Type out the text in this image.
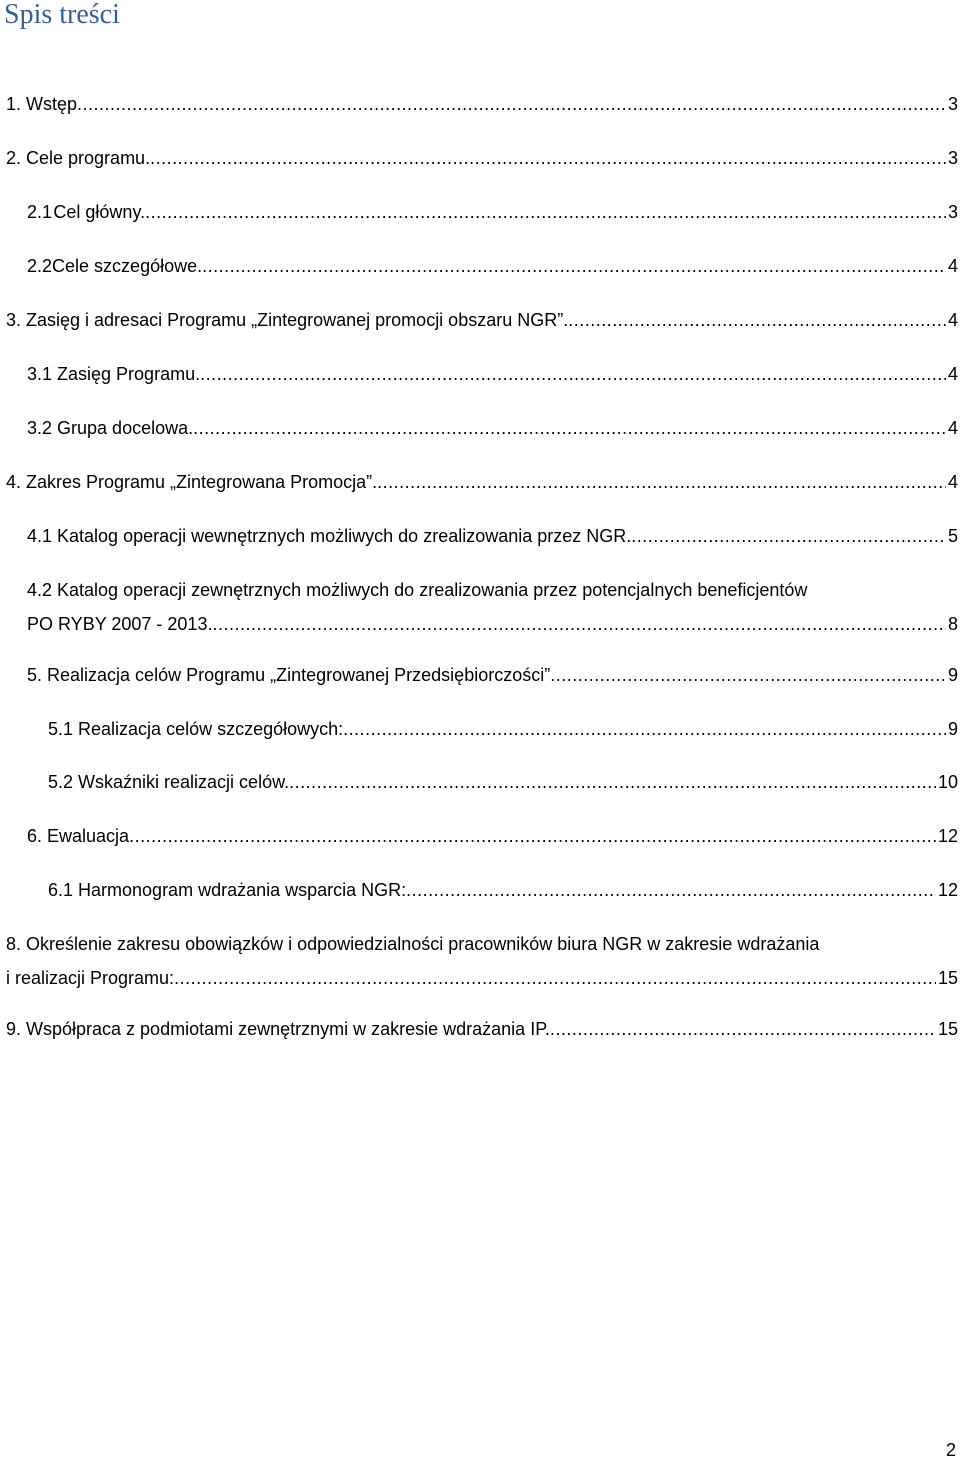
Spis treści
1. Wstęp .....	3
2. Cele programu. .....	3
2.1 Cel główny. .....	3
2.2 Cele szczegółowe. .....	4
3. Zasięg i adresaci Programu „Zintegrowanej promocji obszaru NGR”. .....	4
3.1 Zasięg Programu. .....	4
3.2 Grupa docelowa. .....	4
4. Zakres Programu „Zintegrowana Promocja”. .....	4
4.1 Katalog operacji wewnętrznych możliwych do zrealizowania przez NGR. .....	5
4.2 Katalog operacji zewnętrznych możliwych do zrealizowania przez potencjalnych beneficjentów
PO RYBY 2007 - 2013. .....	8
5. Realizacja celów Programu „Zintegrowanej Przedsiębiorczości” .....	9
5.1 Realizacja celów szczegółowych: .....	9
5.2 Wskaźniki realizacji celów. .....	10
6. Ewaluacja .....	12
6.1 Harmonogram wdrażania wsparcia NGR: .....	12
8. Określenie zakresu obowiązków i odpowiedzialności pracowników biura NGR w zakresie wdrażania
i realizacji Programu: .....	15
9. Współpraca z podmiotami zewnętrznymi w zakresie wdrażania IP. .....	15
2
